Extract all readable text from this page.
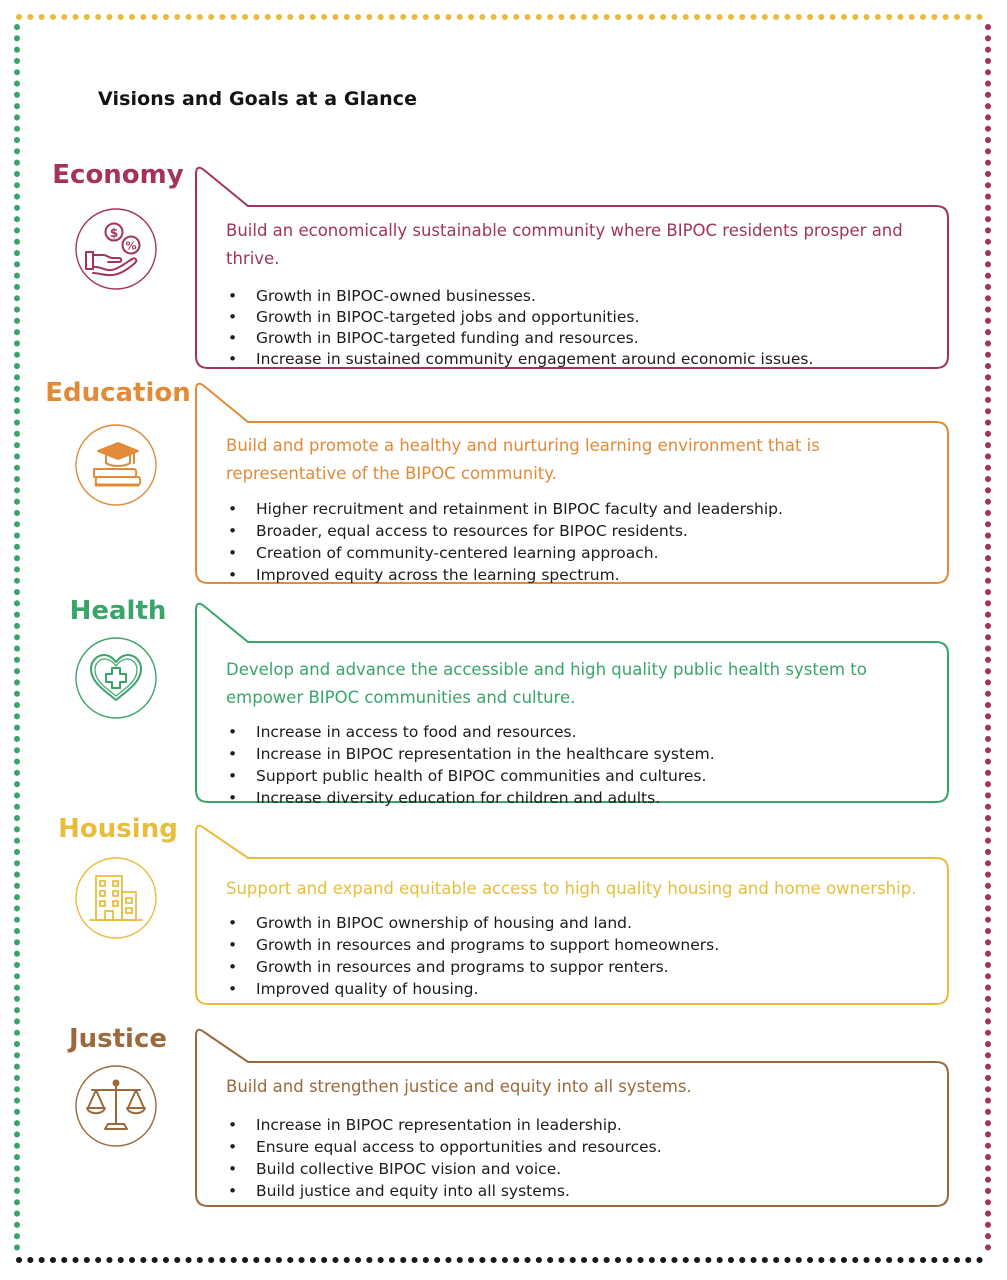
Visions and Goals at a Glance
Economy
$
%

Build an economically sustainable community where BIPOC residents prosper and thrive.

• Growth in BIPOC-owned businesses.
• Growth in BIPOC-targeted jobs and opportunities.
• Growth in BIPOC-targeted funding and resources.
• Increase in sustained community engagement around economic issues.
Education

Build and promote a healthy and nurturing learning environment that is representative of the BIPOC community.

• Higher recruitment and retainment in BIPOC faculty and leadership.
• Broader, equal access to resources for BIPOC residents.
• Creation of community-centered learning approach.
• Improved equity across the learning spectrum.
Health

Develop and advance the accessible and high quality public health system to empower BIPOC communities and culture.

• Increase in access to food and resources.
• Increase in BIPOC representation in the healthcare system.
• Support public health of BIPOC communities and cultures.
• Increase diversity education for children and adults.
Housing

Support and expand equitable access to high quality housing and home ownership.

• Growth in BIPOC ownership of housing and land.
• Growth in resources and programs to support homeowners.
• Growth in resources and programs to suppor renters.
• Improved quality of housing.
Justice

Build and strengthen justice and equity into all systems.

• Increase in BIPOC representation in leadership.
• Ensure equal access to opportunities and resources.
• Build collective BIPOC vision and voice.
• Build justice and equity into all systems.
